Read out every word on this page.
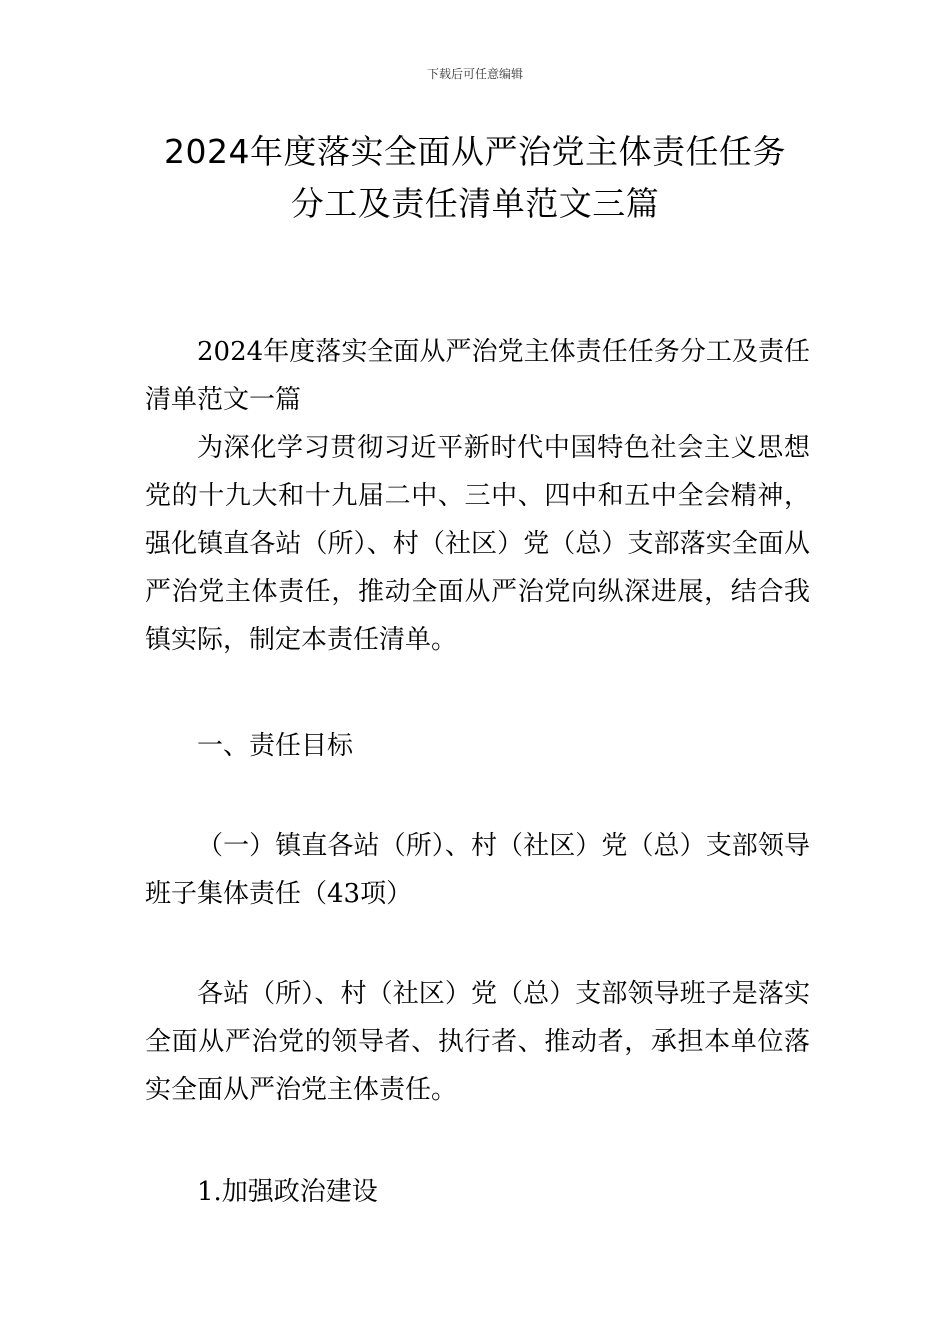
下载后可任意编辑
2024年度落实全面从严治党主体责任任务
分工及责任清单范文三篇

2024年度落实全面从严治党主体责任任务分工及责任清单范文一篇

为深化学习贯彻习近平新时代中国特色社会主义思想党的十九大和十九届二中、三中、四中和五中全会精神，强化镇直各站（所）、村（社区）党（总）支部落实全面从严治党主体责任，推动全面从严治党向纵深进展，结合我镇实际，制定本责任清单。

一、责任目标

（一）镇直各站（所）、村（社区）党（总）支部领导班子集体责任（43项）

各站（所）、村（社区）党（总）支部领导班子是落实全面从严治党的领导者、执行者、推动者，承担本单位落实全面从严治党主体责任。

1.加强政治建设
